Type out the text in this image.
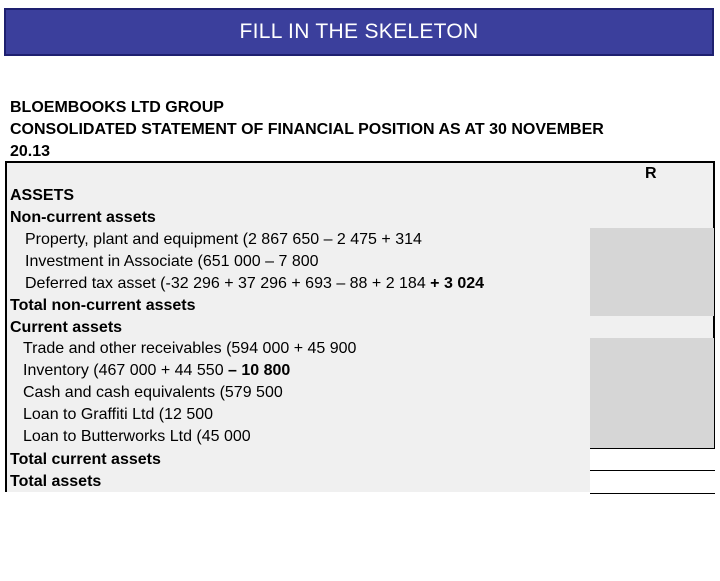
FILL IN THE SKELETON
BLOEMBOOKS LTD GROUP
CONSOLIDATED STATEMENT OF FINANCIAL POSITION AS AT 30 NOVEMBER
20.13
R
ASSETS
Non-current assets
Property, plant and equipment (2 867 650 – 2 475 + 314
Investment in Associate (651 000 – 7 800
Deferred tax asset (-32 296 + 37 296 + 693 – 88 + 2 184 + 3 024
Total non-current assets
Current assets
Trade and other receivables (594 000 + 45 900
Inventory (467 000 + 44 550 – 10 800
Cash and cash equivalents (579 500
Loan to Graffiti Ltd (12 500
Loan to Butterworks Ltd (45 000
Total current assets
Total assets
